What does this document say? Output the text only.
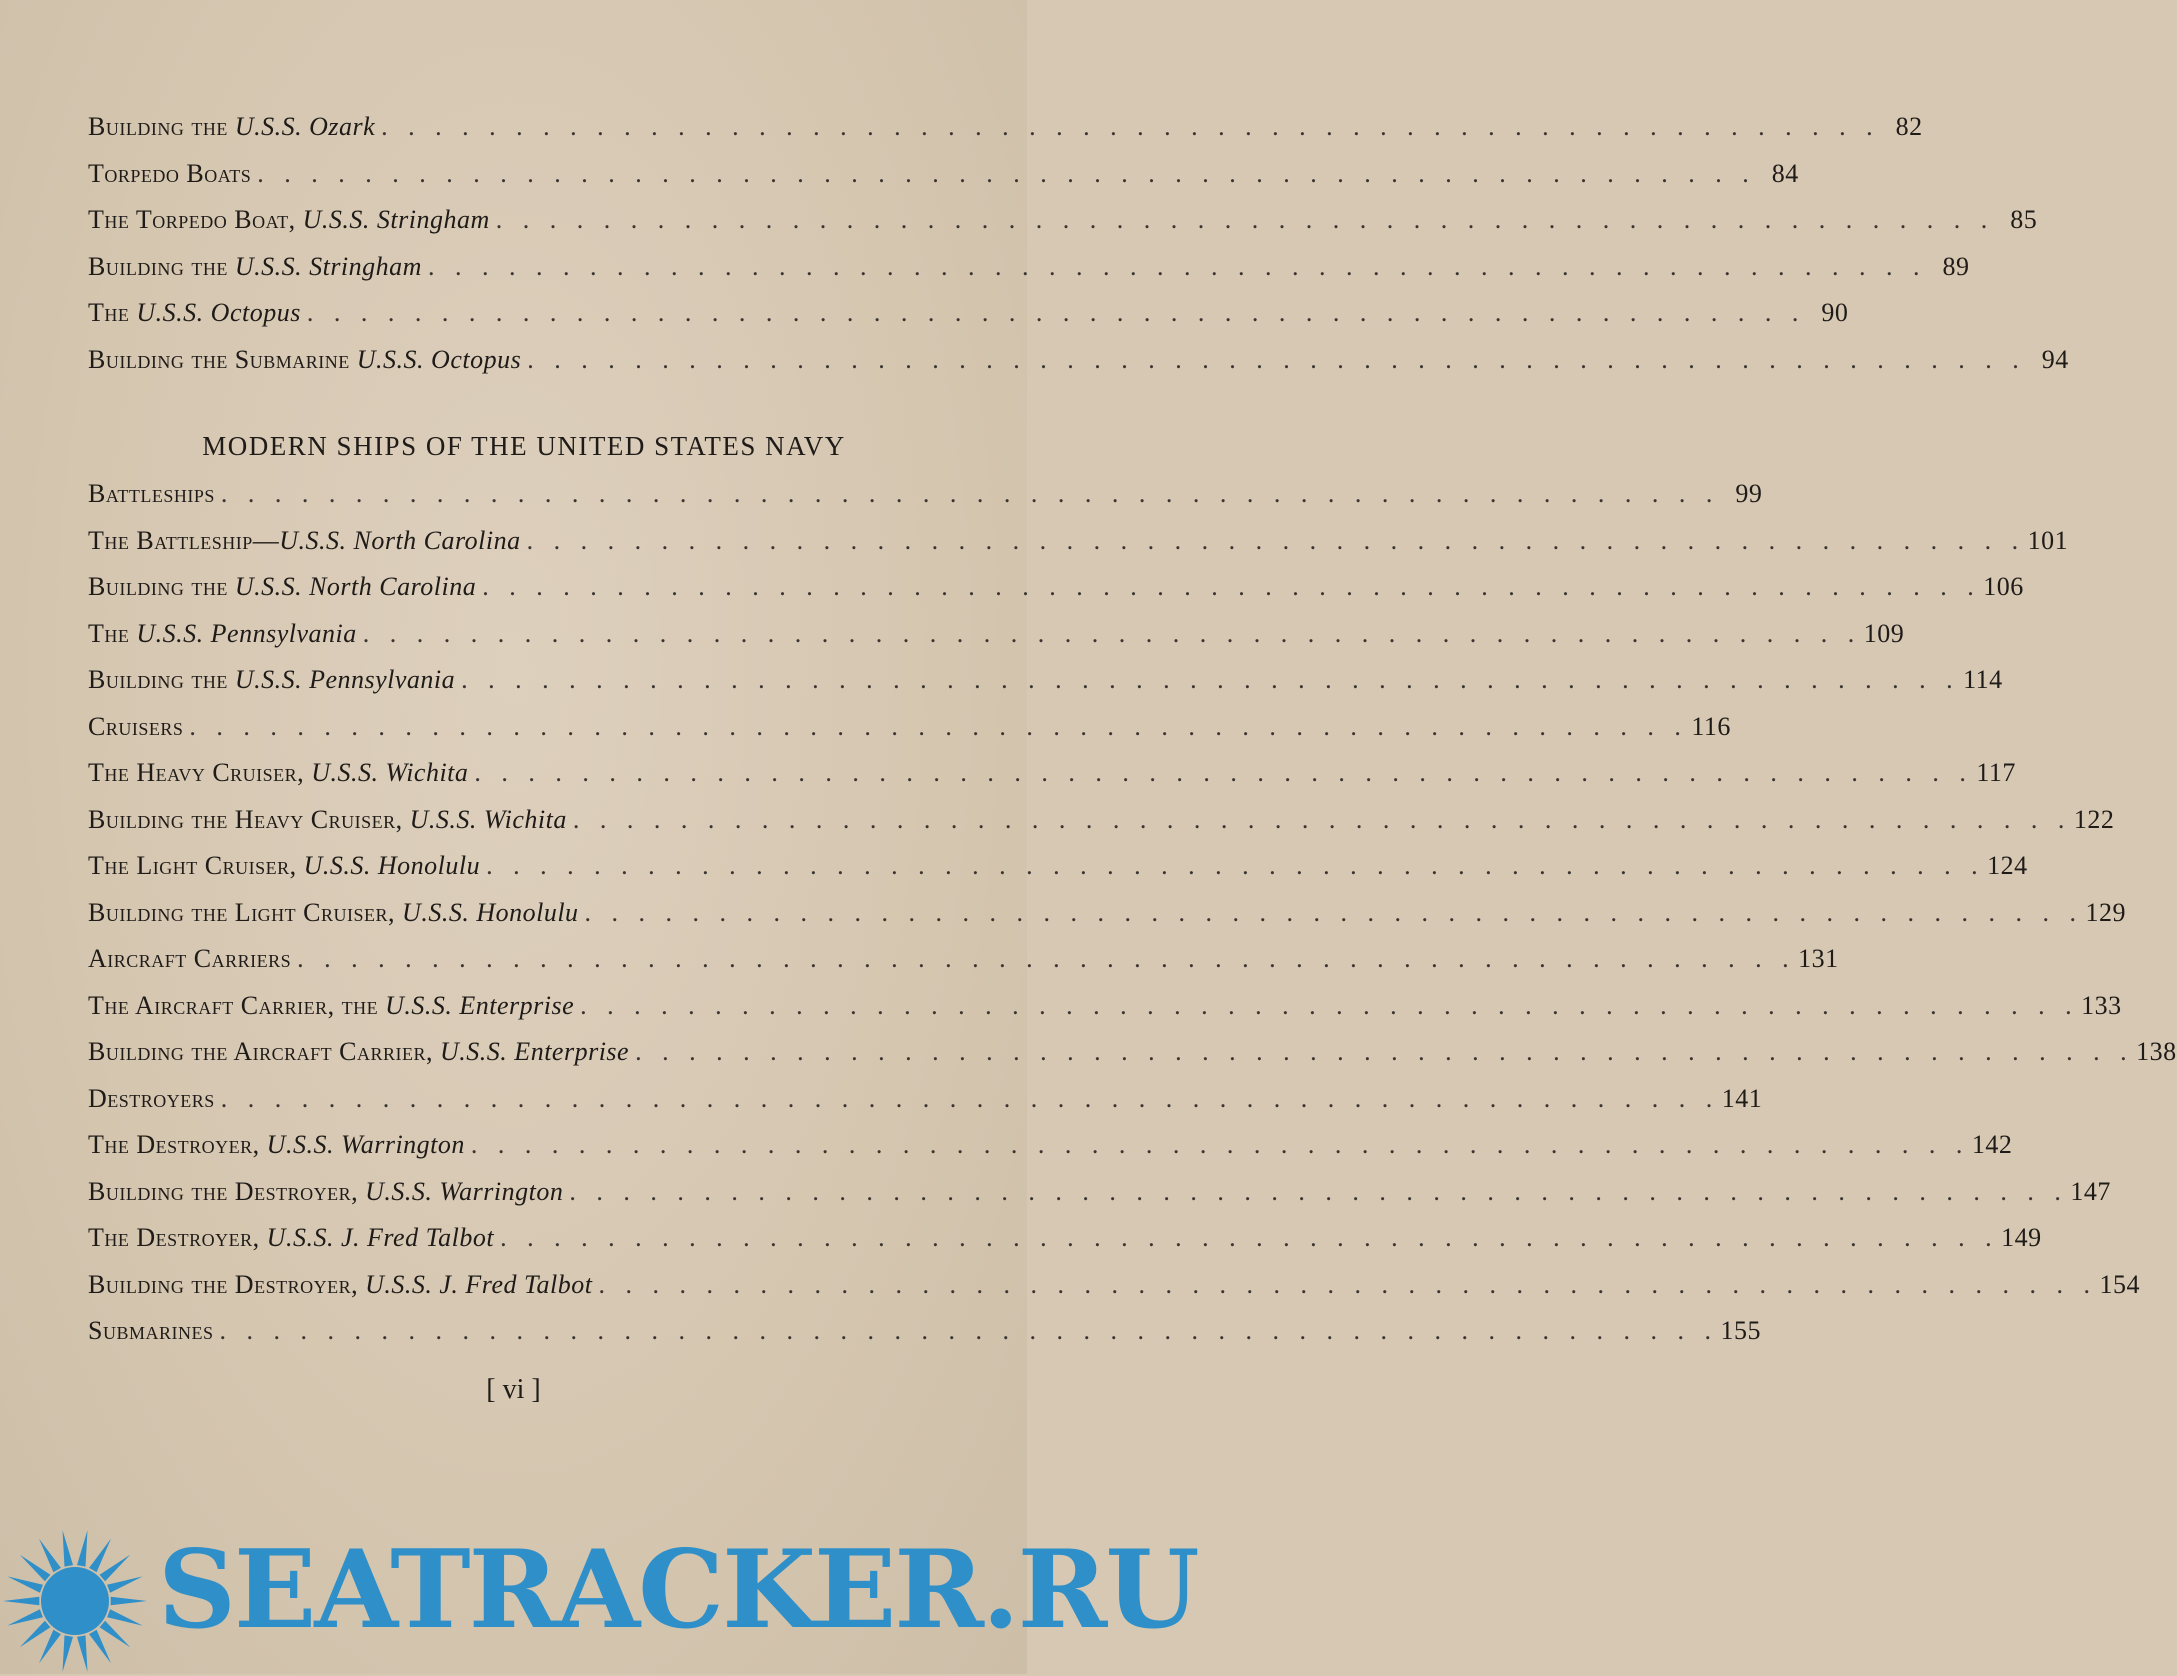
Building the U.S.S. Ozark . . .	82
Torpedo Boats . . .	84
The Torpedo Boat, U.S.S. Stringham . . .	85
Building the U.S.S. Stringham . . .	89
The U.S.S. Octopus . . .	90
Building the Submarine U.S.S. Octopus . . .	94
MODERN SHIPS OF THE UNITED STATES NAVY
Battleships . . .	99
The Battleship—U.S.S. North Carolina . . .	101
Building the U.S.S. North Carolina . . .	106
The U.S.S. Pennsylvania . . .	109
Building the U.S.S. Pennsylvania . . .	114
Cruisers . . .	116
The Heavy Cruiser, U.S.S. Wichita . . .	117
Building the Heavy Cruiser, U.S.S. Wichita . . .	122
The Light Cruiser, U.S.S. Honolulu . . .	124
Building the Light Cruiser, U.S.S. Honolulu . . .	129
Aircraft Carriers . . .	131
The Aircraft Carrier, the U.S.S. Enterprise . . .	133
Building the Aircraft Carrier, U.S.S. Enterprise . . .	138
Destroyers . . .	141
The Destroyer, U.S.S. Warrington . . .	142
Building the Destroyer, U.S.S. Warrington . . .	147
The Destroyer, U.S.S. J. Fred Talbot . . .	149
Building the Destroyer, U.S.S. J. Fred Talbot . . .	154
Submarines . . .	155
[ vi ]
SEATRACKER.RU
